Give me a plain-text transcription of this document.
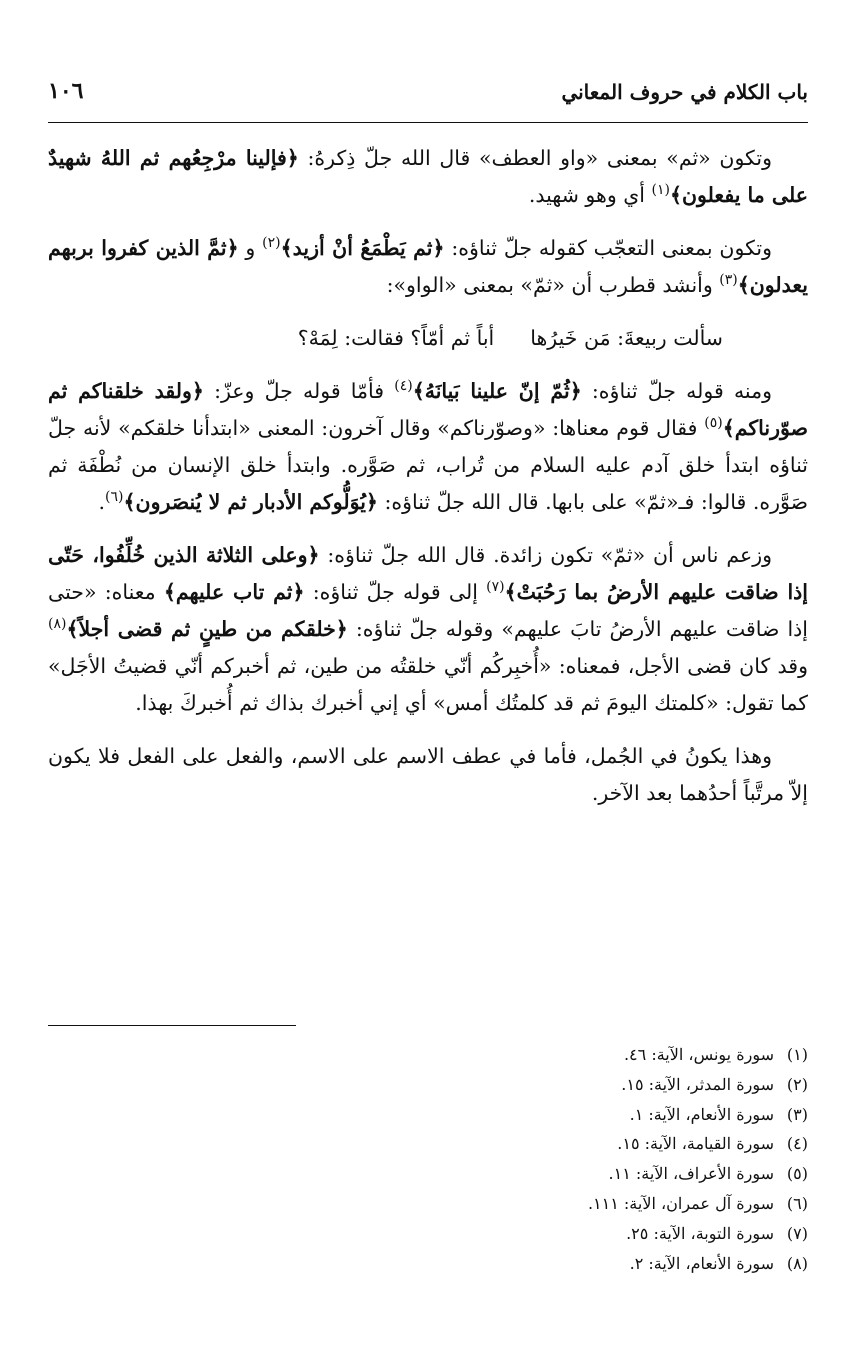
باب الكلام في حروف المعاني
١٠٦

وتكون «ثم» بمعنى «واو العطف» قال الله جلّ ذِكرهُ: ﴿فإلينا مرْجِعُهم ثم اللهُ شهيدٌ على ما يفعلون﴾$^{(١)}$ أي وهو شهيد.

وتكون بمعنى التعجّب كقوله جلّ ثناؤه: ﴿ثم يَطْمَعُ أنْ أزيد﴾$^{(٢)}$ و ﴿ثمَّ الذين كفروا بربهم يعدلون﴾$^{(٣)}$ وأنشد قطرب أن «ثمّ» بمعنى «الواو»:

سألت ربيعةَ: مَن خَيرُها
أباً ثم أمّاً؟ فقالت: لِمَهْ؟

ومنه قوله جلّ ثناؤه: ﴿ثُمّ إنّ علينا بَيانَهُ﴾$^{(٤)}$ فأمّا قوله جلّ وعزّ: ﴿ولقد خلقناكم ثم صوّرناكم﴾$^{(٥)}$ فقال قوم معناها: «وصوّرناكم» وقال آخرون: المعنى «ابتدأنا خلقكم» لأنه جلّ ثناؤه ابتدأ خلق آدم عليه السلام من تُراب، ثم صَوَّره. وابتدأ خلق الإنسان من نُطْفَة ثم صَوَّره. قالوا: فـ«ثمّ» على بابها. قال الله جلّ ثناؤه: ﴿يُوَلُّوكم الأدبار ثم لا يُنصَرون﴾$^{(٦)}$.

وزعم ناس أن «ثمّ» تكون زائدة. قال الله جلّ ثناؤه: ﴿وعلى الثلاثة الذين خُلِّفُوا، حَتّى إذا ضاقت عليهم الأرضُ بما رَحُبَتْ﴾$^{(٧)}$ إلى قوله جلّ ثناؤه: ﴿ثم تاب عليهم﴾ معناه: «حتى إذا ضاقت عليهم الأرضُ تابَ عليهم» وقوله جلّ ثناؤه: ﴿خلقكم من طينٍ ثم قضى أجلاً﴾$^{(٨)}$ وقد كان قضى الأجل، فمعناه: «أُخبِركُم أنّي خلقتُه من طين، ثم أخبركم أنّي قضيتُ الأجَل» كما تقول: «كلمتك اليومَ ثم قد كلمتُك أمس» أي إني أخبرك بذاك ثم أُخبركَ بهذا.

وهذا يكونُ في الجُمل، فأما في عطف الاسم على الاسم، والفعل على الفعل فلا يكون إلاّ مرتَّباً أحدُهما بعد الآخر.

(١)سورة يونس، الآية: ٤٦.
(٢)سورة المدثر، الآية: ١٥.
(٣)سورة الأنعام، الآية: ١.
(٤)سورة القيامة، الآية: ١٥.
(٥)سورة الأعراف، الآية: ١١.
(٦)سورة آل عمران، الآية: ١١١.
(٧)سورة التوبة، الآية: ٢٥.
(٨)سورة الأنعام، الآية: ٢.
